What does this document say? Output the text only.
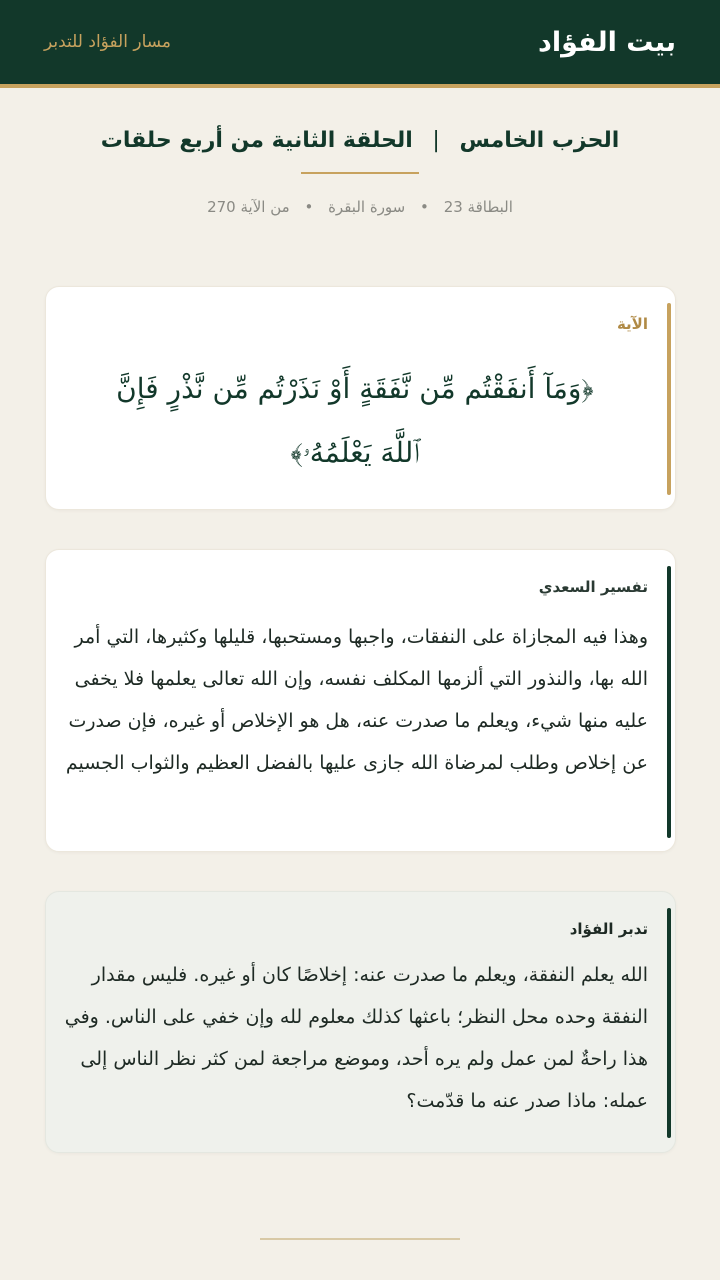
بيت الفؤاد
مسار الفؤاد للتدبر
الحزب الخامس | الحلقة الثانية من أربع حلقات
البطاقة 23 • سورة البقرة • من الآية 270
الآية
﴿وَمَآ أَنفَقْتُم مِّن نَّفَقَةٍ أَوْ نَذَرْتُم مِّن نَّذْرٍ فَإِنَّ ٱللَّهَ يَعْلَمُهُۥ﴾
تفسير السعدي
وهذا فيه المجازاة على النفقات، واجبها ومستحبها، قليلها وكثيرها، التي أمر الله بها، والنذور التي ألزمها المكلف نفسه، وإن الله تعالى يعلمها فلا يخفى عليه منها شيء، ويعلم ما صدرت عنه، هل هو الإخلاص أو غيره، فإن صدرت عن إخلاص وطلب لمرضاة الله جازى عليها بالفضل العظيم والثواب الجسيم
تدبر الفؤاد
الله يعلم النفقة، ويعلم ما صدرت عنه: إخلاصًا كان أو غيره. فليس مقدار النفقة وحده محل النظر؛ باعثها كذلك معلوم لله وإن خفي على الناس. وفي هذا راحةٌ لمن عمل ولم يره أحد، وموضع مراجعة لمن كثر نظر الناس إلى عمله: ماذا صدر عنه ما قدّمت؟
